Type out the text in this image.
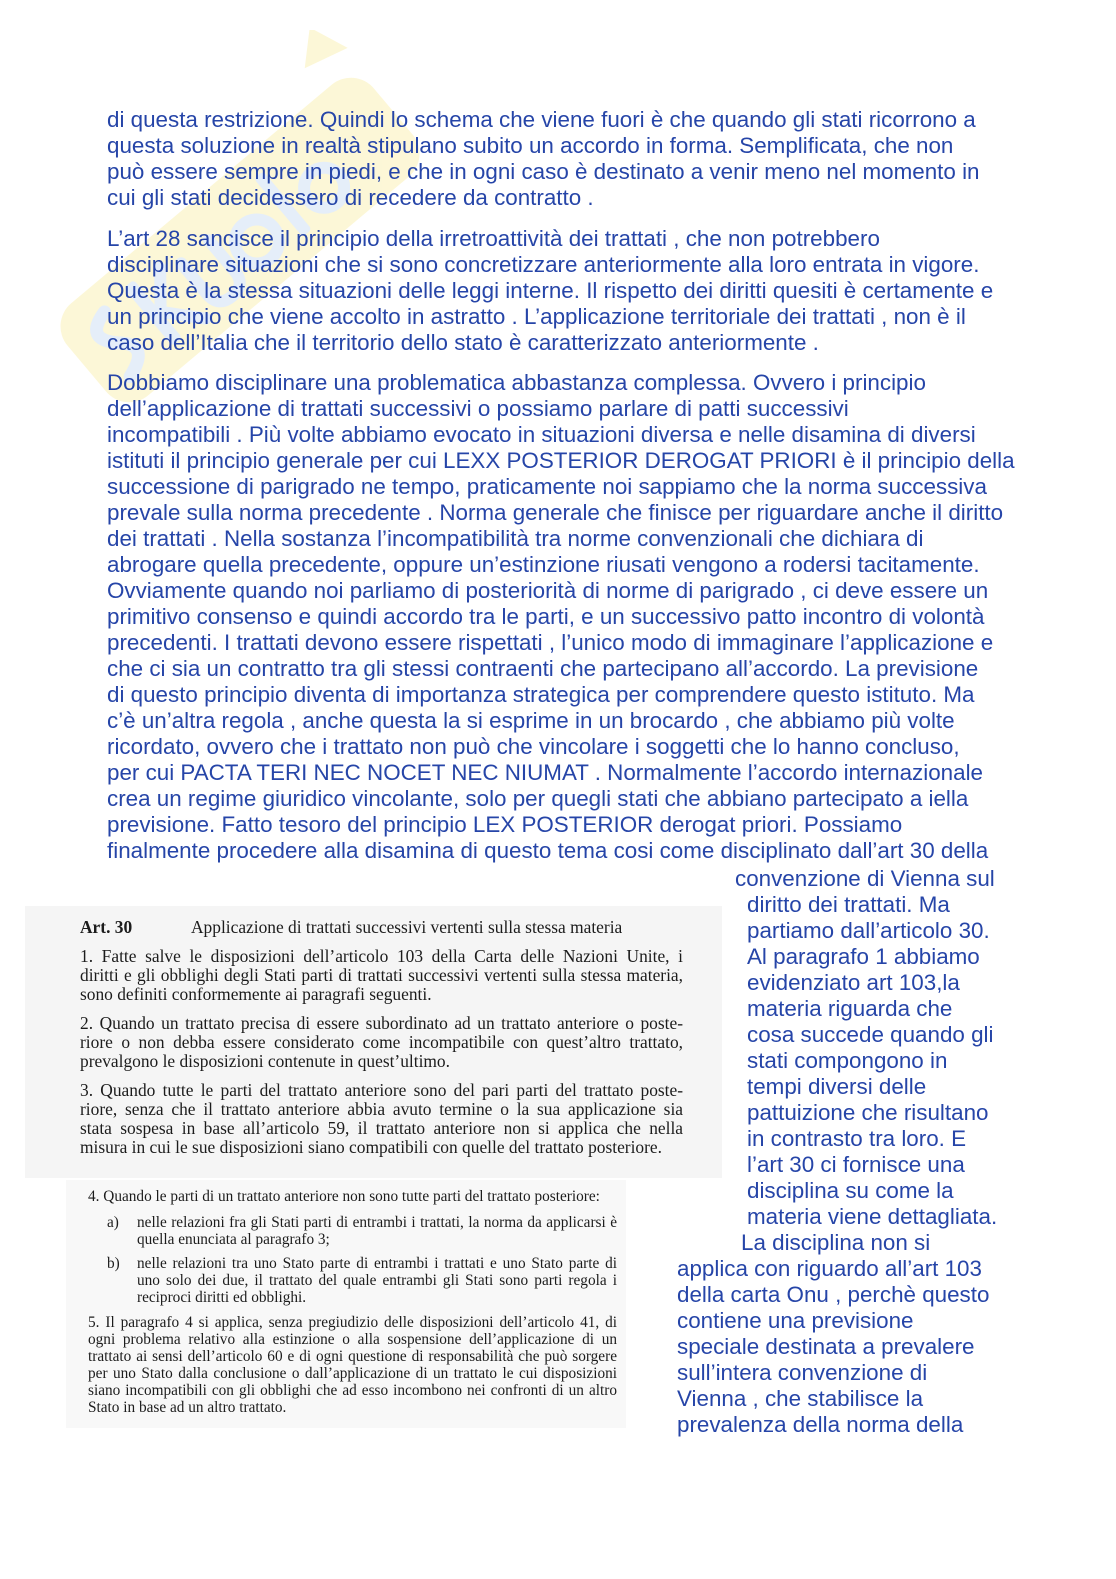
di questa restrizione. Quindi lo schema che viene fuori è che quando gli stati ricorrono a
questa soluzione in realtà stipulano subito un accordo in forma. Semplificata, che non
può essere sempre in piedi, e che in ogni caso è destinato a venir meno nel momento in
cui gli stati decidessero di recedere da contratto .
L’art 28 sancisce il principio della irretroattività dei trattati , che non potrebbero
disciplinare situazioni che si sono concretizzare anteriormente alla loro entrata in vigore.
Questa è la stessa situazioni delle leggi interne. Il rispetto dei diritti quesiti è certamente e
un principio che viene accolto in astratto . L’applicazione territoriale dei trattati , non è il
caso dell’Italia che il territorio dello stato è caratterizzato anteriormente .
Dobbiamo disciplinare una problematica abbastanza complessa. Ovvero i principio
dell’applicazione di trattati successivi o possiamo parlare di patti successivi
incompatibili . Più volte abbiamo evocato in situazioni diversa e nelle disamina di diversi
istituti il principio generale per cui LEXX POSTERIOR DEROGAT PRIORI è il principio della
successione di parigrado ne tempo, praticamente noi sappiamo che la norma successiva
prevale sulla norma precedente . Norma generale che finisce per riguardare anche il diritto
dei trattati . Nella sostanza l’incompatibilità tra norme convenzionali che dichiara di
abrogare quella precedente, oppure un’estinzione riusati vengono a rodersi tacitamente.
Ovviamente quando noi parliamo di posteriorità di norme di parigrado , ci deve essere un
primitivo consenso e quindi accordo tra le parti, e un successivo patto incontro di volontà
precedenti. I trattati devono essere rispettati , l’unico modo di immaginare l’applicazione e
che ci sia un contratto tra gli stessi contraenti che partecipano all’accordo. La previsione
di questo principio diventa di importanza strategica per comprendere questo istituto. Ma
c’è un’altra regola , anche questa la si esprime in un brocardo , che abbiamo più volte
ricordato, ovvero che i trattato non può che vincolare i soggetti che lo hanno concluso,
per cui PACTA TERI NEC NOCET NEC NIUMAT . Normalmente l’accordo internazionale
crea un regime giuridico vincolante, solo per quegli stati che abbiano partecipato a iella
previsione. Fatto tesoro del principio LEX POSTERIOR derogat priori. Possiamo
finalmente procedere alla disamina di questo tema cosi come disciplinato dall’art 30 della
convenzione di Vienna sul
diritto dei trattati. Ma
partiamo dall’articolo 30.
Al paragrafo 1 abbiamo
evidenziato art 103,la
materia riguarda che
cosa succede quando gli
stati compongono in
tempi diversi delle
pattuizione che risultano
in contrasto tra loro. E
l’art 30 ci fornisce una
disciplina su come la
materia viene dettagliata.
La disciplina non si
applica con riguardo all’art 103
della carta Onu , perchè questo
contiene una previsione
speciale destinata a prevalere
sull’intera convenzione di
Vienna , che stabilisce la
prevalenza della norma della
Art. 30	Applicazione di trattati successivi vertenti sulla stessa materia
1. Fatte salve le disposizioni dell’articolo 103 della Carta delle Nazioni Unite, i
diritti e gli obblighi degli Stati parti di trattati successivi vertenti sulla stessa materia,
sono definiti conformemente ai paragrafi seguenti.
2. Quando un trattato precisa di essere subordinato ad un trattato anteriore o poste-
riore o non debba essere considerato come incompatibile con quest’altro trattato,
prevalgono le disposizioni contenute in quest’ultimo.
3. Quando tutte le parti del trattato anteriore sono del pari parti del trattato poste-
riore, senza che il trattato anteriore abbia avuto termine o la sua applicazione sia
stata sospesa in base all’articolo 59, il trattato anteriore non si applica che nella
misura in cui le sue disposizioni siano compatibili con quelle del trattato posteriore.
4. Quando le parti di un trattato anteriore non sono tutte parti del trattato posteriore:
a)	nelle relazioni fra gli Stati parti di entrambi i trattati, la norma da applicarsi è
quella enunciata al paragrafo 3;
b)	nelle relazioni tra uno Stato parte di entrambi i trattati e uno Stato parte di
uno solo dei due, il trattato del quale entrambi gli Stati sono parti regola i
reciproci diritti ed obblighi.
5. Il paragrafo 4 si applica, senza pregiudizio delle disposizioni dell’articolo 41, di
ogni problema relativo alla estinzione o alla sospensione dell’applicazione di un
trattato ai sensi dell’articolo 60 e di ogni questione di responsabilità che può sorgere
per uno Stato dalla conclusione o dall’applicazione di un trattato le cui disposizioni
siano incompatibili con gli obblighi che ad esso incombono nei confronti di un altro
Stato in base ad un altro trattato.
